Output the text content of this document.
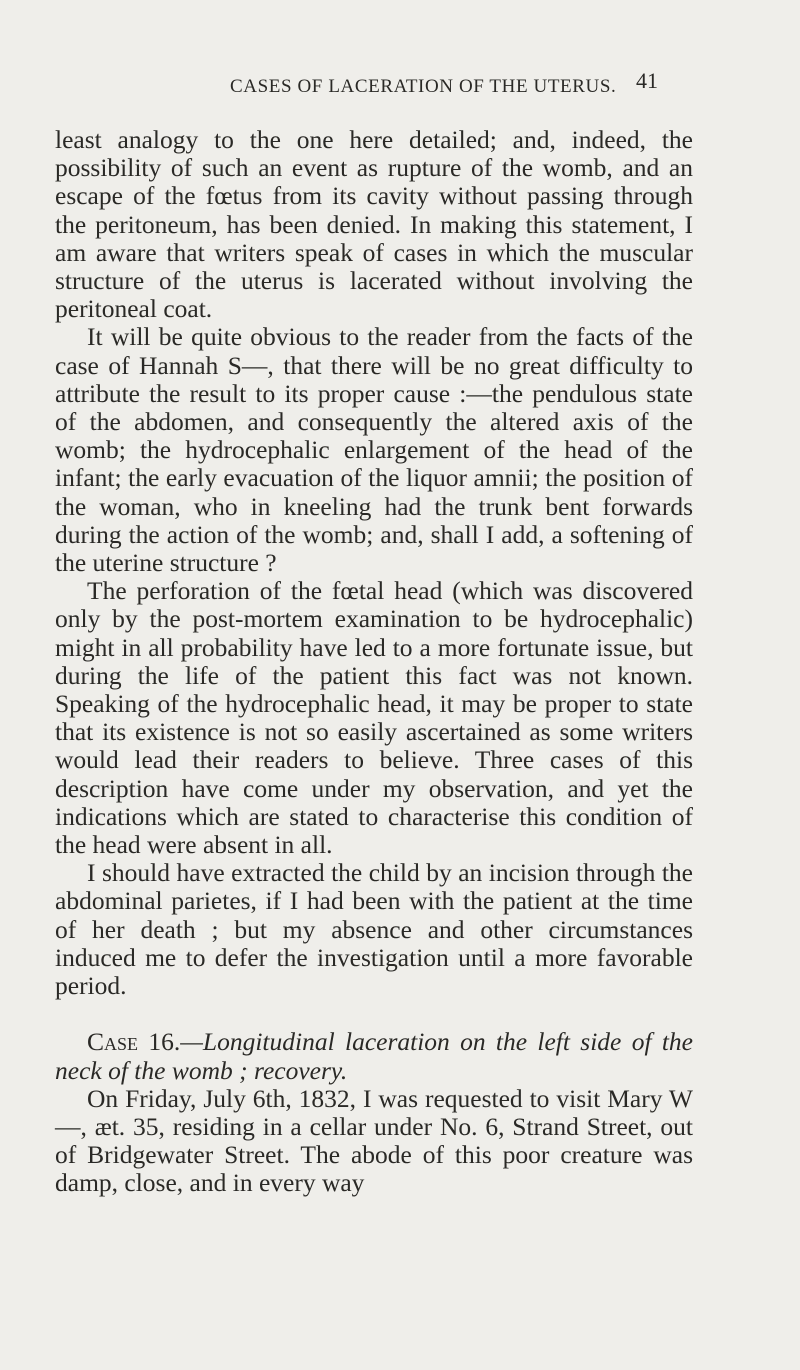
CASES OF LACERATION OF THE UTERUS. 41

least analogy to the one here detailed; and, indeed, the possibility of such an event as rupture of the womb, and an escape of the fœtus from its cavity without passing through the peritoneum, has been denied. In making this statement, I am aware that writers speak of cases in which the muscular structure of the uterus is lacerated without involving the peritoneal coat.

It will be quite obvious to the reader from the facts of the case of Hannah S—, that there will be no great difficulty to attribute the result to its proper cause :—the pendulous state of the abdomen, and consequently the altered axis of the womb; the hydrocephalic enlargement of the head of the infant; the early evacuation of the liquor amnii; the position of the woman, who in kneeling had the trunk bent forwards during the action of the womb; and, shall I add, a softening of the uterine structure ?

The perforation of the fœtal head (which was discovered only by the post-mortem examination to be hydrocephalic) might in all probability have led to a more fortunate issue, but during the life of the patient this fact was not known. Speaking of the hydrocephalic head, it may be proper to state that its existence is not so easily ascertained as some writers would lead their readers to believe. Three cases of this description have come under my observation, and yet the indications which are stated to characterise this condition of the head were absent in all.

I should have extracted the child by an incision through the abdominal parietes, if I had been with the patient at the time of her death ; but my absence and other circumstances induced me to defer the investigation until a more favorable period.

Case 16.—Longitudinal laceration on the left side of the neck of the womb ; recovery.

On Friday, July 6th, 1832, I was requested to visit Mary W—, æt. 35, residing in a cellar under No. 6, Strand Street, out of Bridgewater Street. The abode of this poor creature was damp, close, and in every way
